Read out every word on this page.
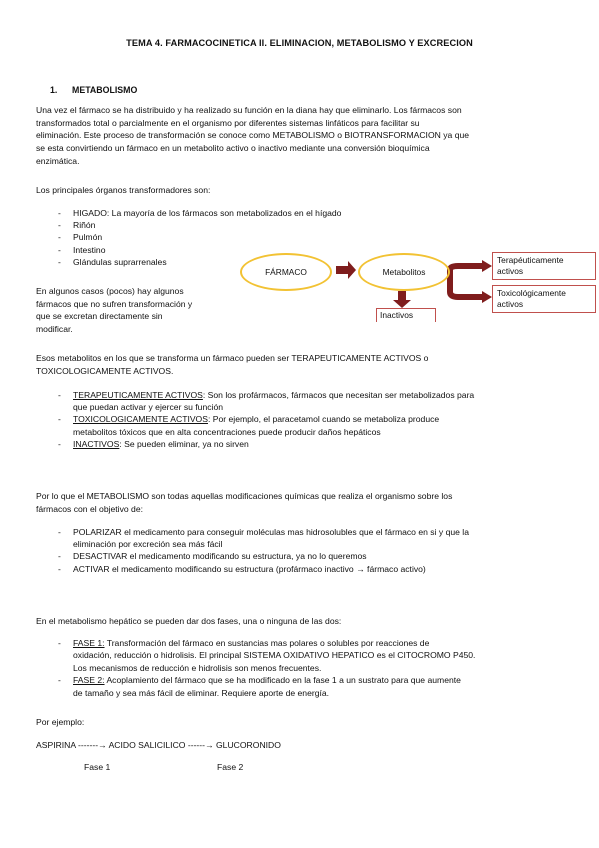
TEMA 4. FARMACOCINETICA II. ELIMINACION, METABOLISMO Y EXCRECION
1. METABOLISMO
Una vez el fármaco se ha distribuido y ha realizado su función en la diana hay que eliminarlo. Los fármacos son
transformados total o parcialmente en el organismo por diferentes sistemas linfáticos para facilitar su
eliminación. Este proceso de transformación se conoce como METABOLISMO o BIOTRANSFORMACION ya que
se esta convirtiendo un fármaco en un metabolito activo o inactivo mediante una conversión bioquímica
enzimática.
Los principales órganos transformadores son:
- HIGADO: La mayoría de los fármacos son metabolizados en el hígado
- Riñón
- Pulmón
- Intestino
- Glándulas suprarrenales
En algunos casos (pocos) hay algunos
fármacos que no sufren transformación y
que se excretan directamente sin
modificar.
FÁRMACO	Metabolitos
Terapéuticamente activos
Toxicológicamente activos
Inactivos
Esos metabolitos en los que se transforma un fármaco pueden ser TERAPEUTICAMENTE ACTIVOS o
TOXICOLOGICAMENTE ACTIVOS.
- TERAPEUTICAMENTE ACTIVOS: Son los profármacos, fármacos que necesitan ser metabolizados para
que puedan activar y ejercer su función
- TOXICOLOGICAMENTE ACTIVOS: Por ejemplo, el paracetamol cuando se metaboliza produce
metabolitos tóxicos que en alta concentraciones puede producir daños hepáticos
- INACTIVOS: Se pueden eliminar, ya no sirven
Por lo que el METABOLISMO son todas aquellas modificaciones químicas que realiza el organismo sobre los
fármacos con el objetivo de:
- POLARIZAR el medicamento para conseguir moléculas mas hidrosolubles que el fármaco en si y que la
eliminación por excreción sea más fácil
- DESACTIVAR el medicamento modificando su estructura, ya no lo queremos
- ACTIVAR el medicamento modificando su estructura (profármaco inactivo → fármaco activo)
En el metabolismo hepático se pueden dar dos fases, una o ninguna de las dos:
- FASE 1: Transformación del fármaco en sustancias mas polares o solubles por reacciones de
oxidación, reducción o hidrolisis. El principal SISTEMA OXIDATIVO HEPATICO es el CITOCROMO P450.
Los mecanismos de reducción e hidrolisis son menos frecuentes.
- FASE 2: Acoplamiento del fármaco que se ha modificado en la fase 1 a un sustrato para que aumente
de tamaño y sea más fácil de eliminar. Requiere aporte de energía.
Por ejemplo:
ASPIRINA -------→ ACIDO SALICILICO ------→ GLUCORONIDO
Fase 1	Fase 2
